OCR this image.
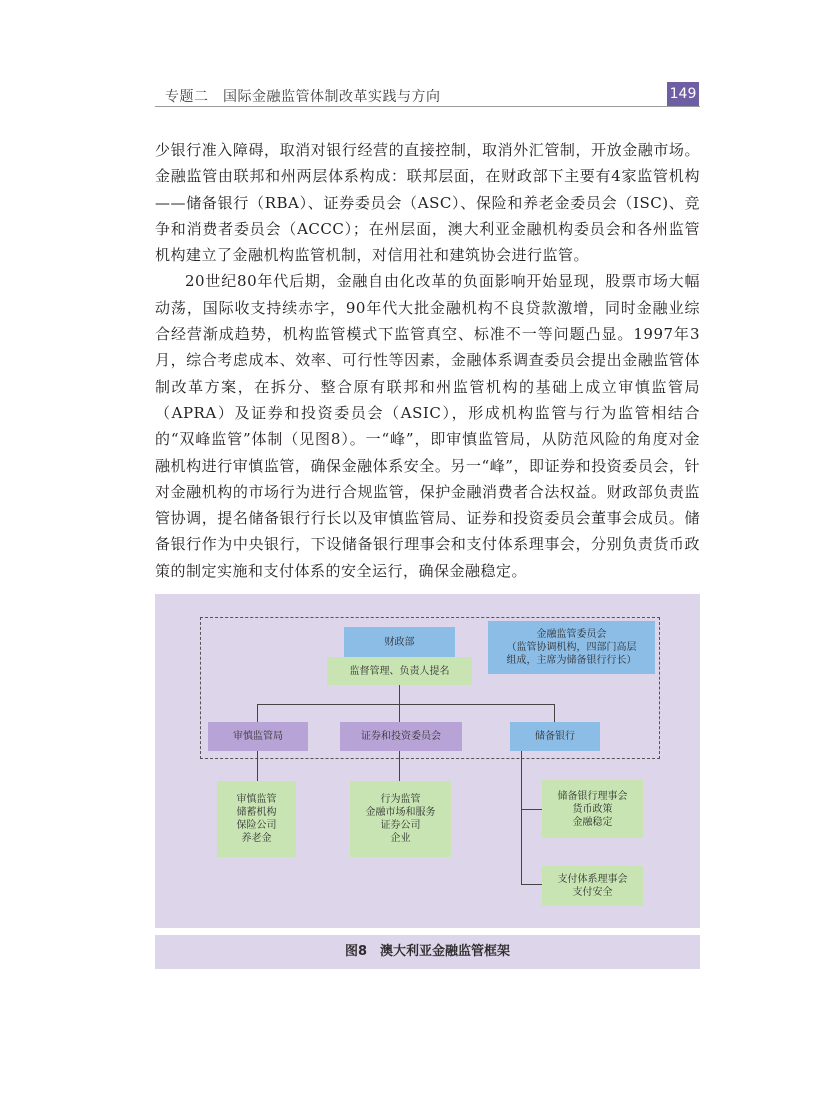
专题二　国际金融监管体制改革实践与方向	149

少银行准入障碍，取消对银行经营的直接控制，取消外汇管制，开放金融市场。金融监管由联邦和州两层体系构成：联邦层面，在财政部下主要有4家监管机构——储备银行（RBA）、证券委员会（ASC）、保险和养老金委员会（ISC)、竞争和消费者委员会（ACCC）；在州层面，澳大利亚金融机构委员会和各州监管机构建立了金融机构监管机制，对信用社和建筑协会进行监管。

20世纪80年代后期，金融自由化改革的负面影响开始显现，股票市场大幅动荡，国际收支持续赤字，90年代大批金融机构不良贷款激增，同时金融业综合经营渐成趋势，机构监管模式下监管真空、标准不一等问题凸显。1997年3月，综合考虑成本、效率、可行性等因素，金融体系调查委员会提出金融监管体制改革方案，在拆分、整合原有联邦和州监管机构的基础上成立审慎监管局（APRA）及证券和投资委员会（ASIC），形成机构监管与行为监管相结合的“双峰监管”体制（见图8）。一“峰”，即审慎监管局，从防范风险的角度对金融机构进行审慎监管，确保金融体系安全。另一“峰”，即证券和投资委员会，针对金融机构的市场行为进行合规监管，保护金融消费者合法权益。财政部负责监管协调，提名储备银行行长以及审慎监管局、证券和投资委员会董事会成员。储备银行作为中央银行，下设储备银行理事会和支付体系理事会，分别负责货币政策的制定实施和支付体系的安全运行，确保金融稳定。

财政部
监督管理、负责人提名
金融监管委员会
（监管协调机构，四部门高层
组成，主席为储备银行行长）
审慎监管局	证券和投资委员会	储备银行
审慎监管
储蓄机构
保险公司
养老金
行为监管
金融市场和服务
证券公司
企业
储备银行理事会
货币政策
金融稳定
支付体系理事会
支付安全
图8　澳大利亚金融监管框架
